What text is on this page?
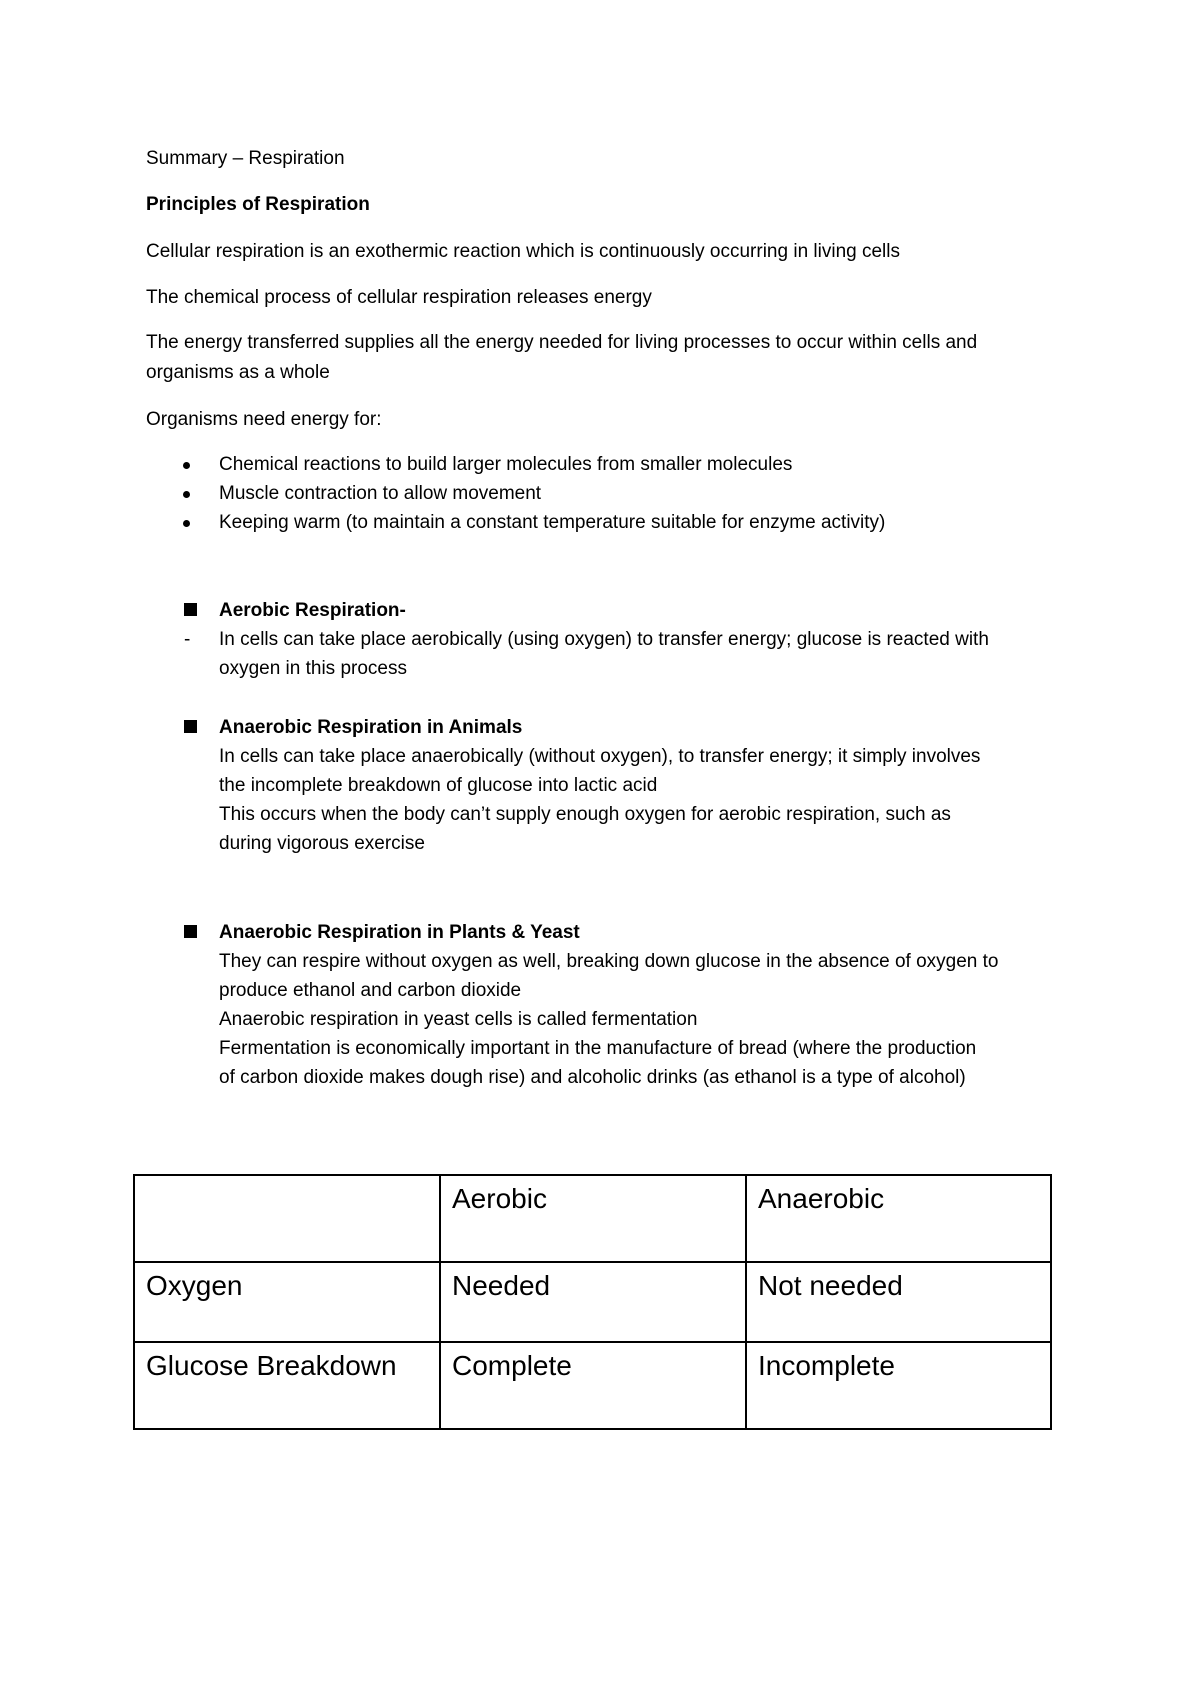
Summary – Respiration

Principles of Respiration

Cellular respiration is an exothermic reaction which is continuously occurring in living cells

The chemical process of cellular respiration releases energy

The energy transferred supplies all the energy needed for living processes to occur within cells and

organisms as a whole

Organisms need energy for:

Chemical reactions to build larger molecules from smaller molecules
Muscle contraction to allow movement
Keeping warm (to maintain a constant temperature suitable for enzyme activity)
Aerobic Respiration-
- In cells can take place aerobically (using oxygen) to transfer energy; glucose is reacted with
oxygen in this process
Anaerobic Respiration in Animals
In cells can take place anaerobically (without oxygen), to transfer energy; it simply involves
the incomplete breakdown of glucose into lactic acid
This occurs when the body can’t supply enough oxygen for aerobic respiration, such as
during vigorous exercise
Anaerobic Respiration in Plants & Yeast
They can respire without oxygen as well, breaking down glucose in the absence of oxygen to
produce ethanol and carbon dioxide
Anaerobic respiration in yeast cells is called fermentation
Fermentation is economically important in the manufacture of bread (where the production
of carbon dioxide makes dough rise) and alcoholic drinks (as ethanol is a type of alcohol)
	Aerobic	Anaerobic
Oxygen	Needed	Not needed
Glucose Breakdown	Complete	Incomplete
